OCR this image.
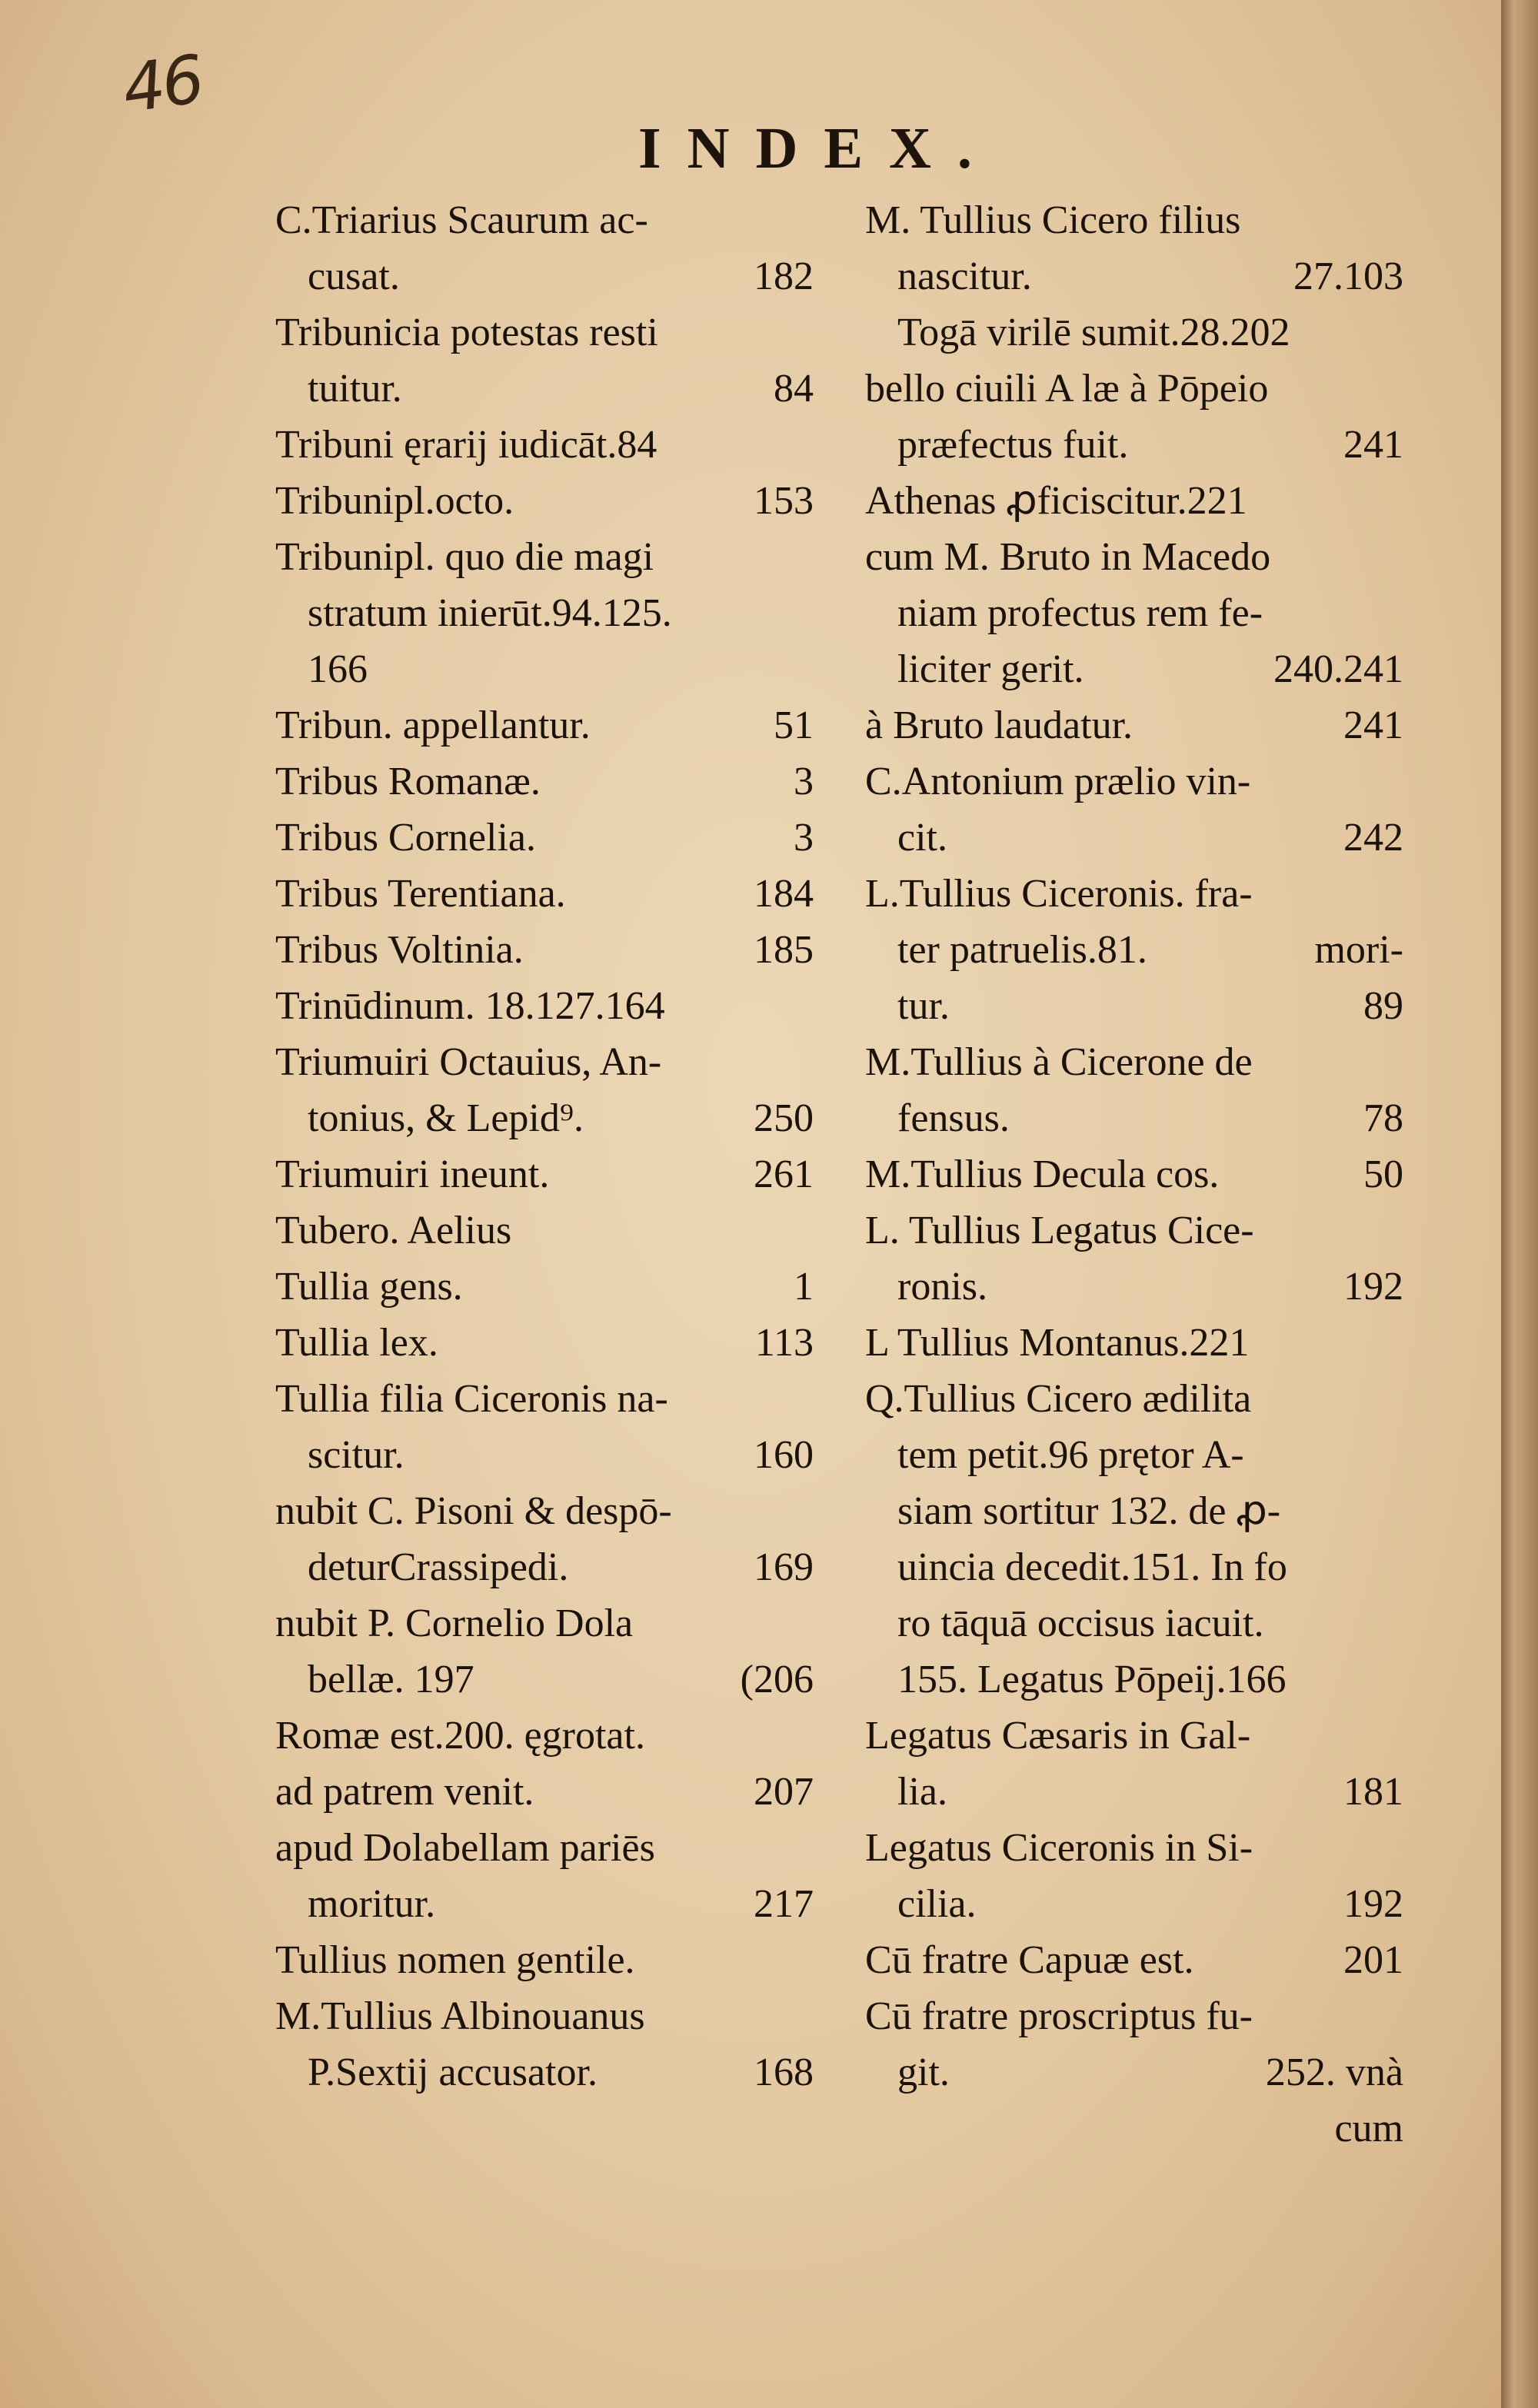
46
INDEX.
C.Triarius Scaurum ac-
cusat.	182
Tribunicia potestas resti
tuitur.	84
Tribuni ęrarij iudicāt.84
Tribunipl.octo.	153
Tribunipl. quo die magi
stratum inierūt.94.125.
166
Tribun. appellantur.	51
Tribus Romanæ.	3
Tribus Cornelia.	3
Tribus Terentiana.	184
Tribus Voltinia.	185
Trinūdinum. 18.127.164
Triumuiri Octauius, An-
tonius, & Lepid⁹.	250
Triumuiri ineunt.	261
Tubero. Aelius
Tullia gens.	1
Tullia lex.	113
Tullia filia Ciceronis na-
scitur.	160
nubit C. Pisoni & despō-
deturCrassipedi.	169
nubit P. Cornelio Dola
bellæ. 197	(206
Romæ est.200. ęgrotat.
ad patrem venit.	207
apud Dolabellam pariēs
moritur.	217
Tullius nomen gentile.
M.Tullius Albinouanus
P.Sextij accusator.	168
M. Tullius Cicero filius
nascitur.	27.103
Togā virilē sumit.28.202
bello ciuili A læ à Pōpeio
præfectus fuit.	241
Athenas ꝓficiscitur.221
cum M. Bruto in Macedo
niam profectus rem fe-
liciter gerit.	240.241
à Bruto laudatur.	241
C.Antonium prælio vin-
cit.	242
L.Tullius Ciceronis. fra-
ter patruelis.81.	mori-
tur.	89
M.Tullius à Cicerone de
fensus.	78
M.Tullius Decula cos.	50
L. Tullius Legatus Cice-
ronis.	192
L Tullius Montanus.221
Q.Tullius Cicero ædilita
tem petit.96 prętor A-
siam sortitur 132. de ꝓ-
uincia decedit.151. In fo
ro tāquā occisus iacuit.
155. Legatus Pōpeij.166
Legatus Cæsaris in Gal-
lia.	181
Legatus Ciceronis in Si-
cilia.	192
Cū fratre Capuæ est.	201
Cū fratre proscriptus fu-
git.	252. vnà
cum
